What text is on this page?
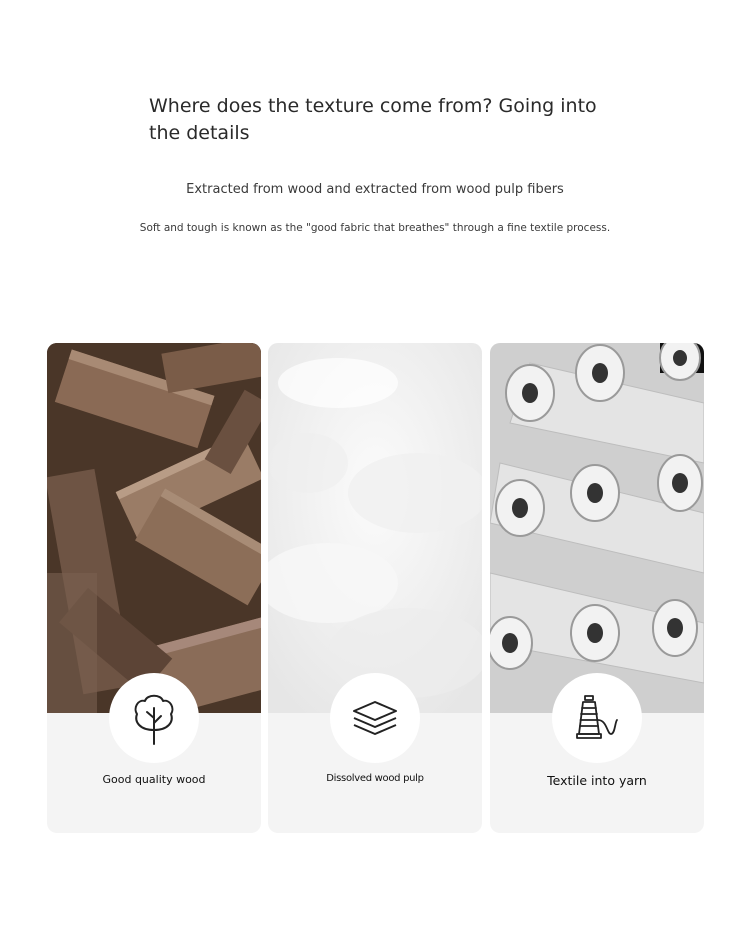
Where does the texture come from? Going into the details
Extracted from wood and extracted from wood pulp fibers
Soft and tough is known as the "good fabric that breathes" through a fine textile process.
Good quality wood	Dissolved wood pulp	Textile into yarn
